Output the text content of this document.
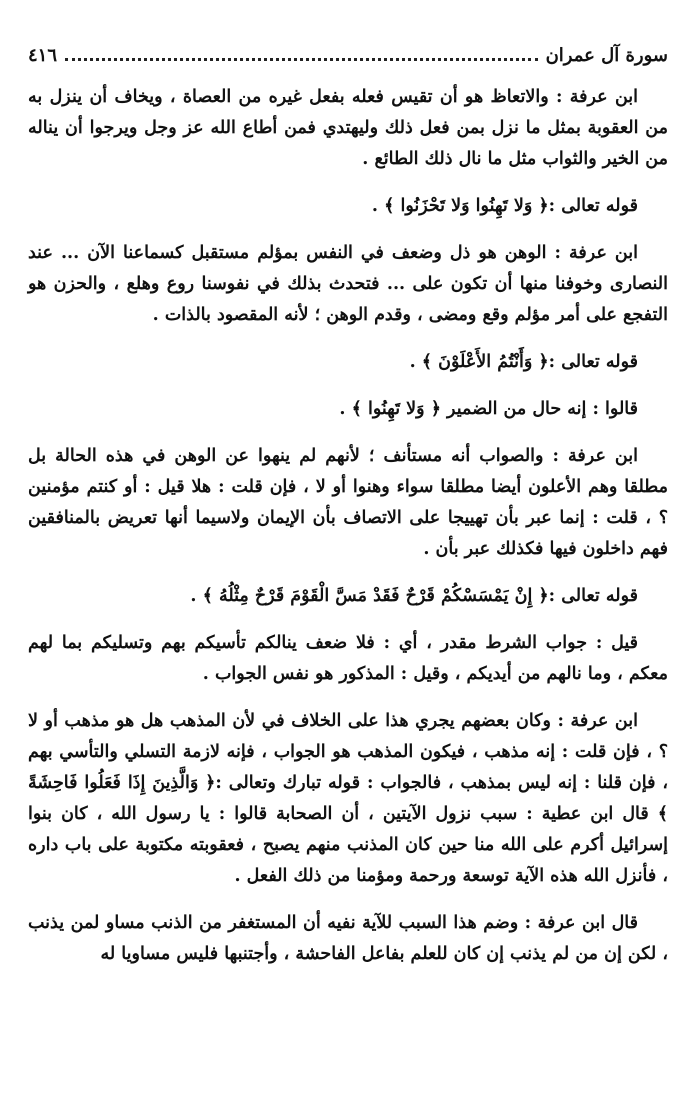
سورة آل عمران
٤١٦

ابن عرفة : والاتعاظ هو أن تقيس فعله بفعل غيره من العصاة ، ويخاف أن ينزل به من العقوبة بمثل ما نزل بمن فعل ذلك وليهتدي فمن أطاع الله عز وجل ويرجوا أن يناله من الخير والثواب مثل ما نال ذلك الطائع .

قوله تعالى :﴿ وَلا تَهِنُوا وَلا تَحْزَنُوا ﴾ .

ابن عرفة : الوهن هو ذل وضعف في النفس بمؤلم مستقبل كسماعنا الآن ... عند النصارى وخوفنا منها أن تكون على ... فتحدث بذلك في نفوسنا روع وهلع ، والحزن هو التفجع على أمر مؤلم وقع ومضى ، وقدم الوهن ؛ لأنه المقصود بالذات .

قوله تعالى :﴿ وَأَنْتُمُ الأَعْلَوْنَ ﴾ .

قالوا : إنه حال من الضمير ﴿ وَلا تَهِنُوا ﴾ .

ابن عرفة : والصواب أنه مستأنف ؛ لأنهم لم ينهوا عن الوهن في هذه الحالة بل مطلقا وهم الأعلون أيضا مطلقا سواء وهنوا أو لا ، فإن قلت : هلا قيل : أو كنتم مؤمنين ؟ ، قلت : إنما عبر بأن تهييجا على الاتصاف بأن الإيمان ولاسيما أنها تعريض بالمنافقين فهم داخلون فيها فكذلك عبر بأن .

قوله تعالى :﴿ إِنْ يَمْسَسْكُمْ قَرْحٌ فَقَدْ مَسَّ الْقَوْمَ قَرْحٌ مِثْلُهُ ﴾ .

قيل : جواب الشرط مقدر ، أي : فلا ضعف ينالكم تأسيكم بهم وتسليكم بما لهم معكم ، وما نالهم من أيديكم ، وقيل : المذكور هو نفس الجواب .

ابن عرفة : وكان بعضهم يجري هذا على الخلاف في لأن المذهب هل هو مذهب أو لا ؟ ، فإن قلت : إنه مذهب ، فيكون المذهب هو الجواب ، فإنه لازمة التسلي والتأسي بهم ، فإن قلنا : إنه ليس بمذهب ، فالجواب : قوله تبارك وتعالى :﴿ وَالَّذِينَ إِذَا فَعَلُوا فَاحِشَةً ﴾ قال ابن عطية : سبب نزول الآيتين ، أن الصحابة قالوا : يا رسول الله ، كان بنوا إسرائيل أكرم على الله منا حين كان المذنب منهم يصبح ، فعقوبته مكتوبة على باب داره ، فأنزل الله هذه الآية توسعة ورحمة ومؤمنا من ذلك الفعل .

قال ابن عرفة : وضم هذا السبب للآية نفيه أن المستغفر من الذنب مساو لمن يذنب ، لكن إن من لم يذنب إن كان للعلم بفاعل الفاحشة ، وأجتنبها فليس مساويا له
